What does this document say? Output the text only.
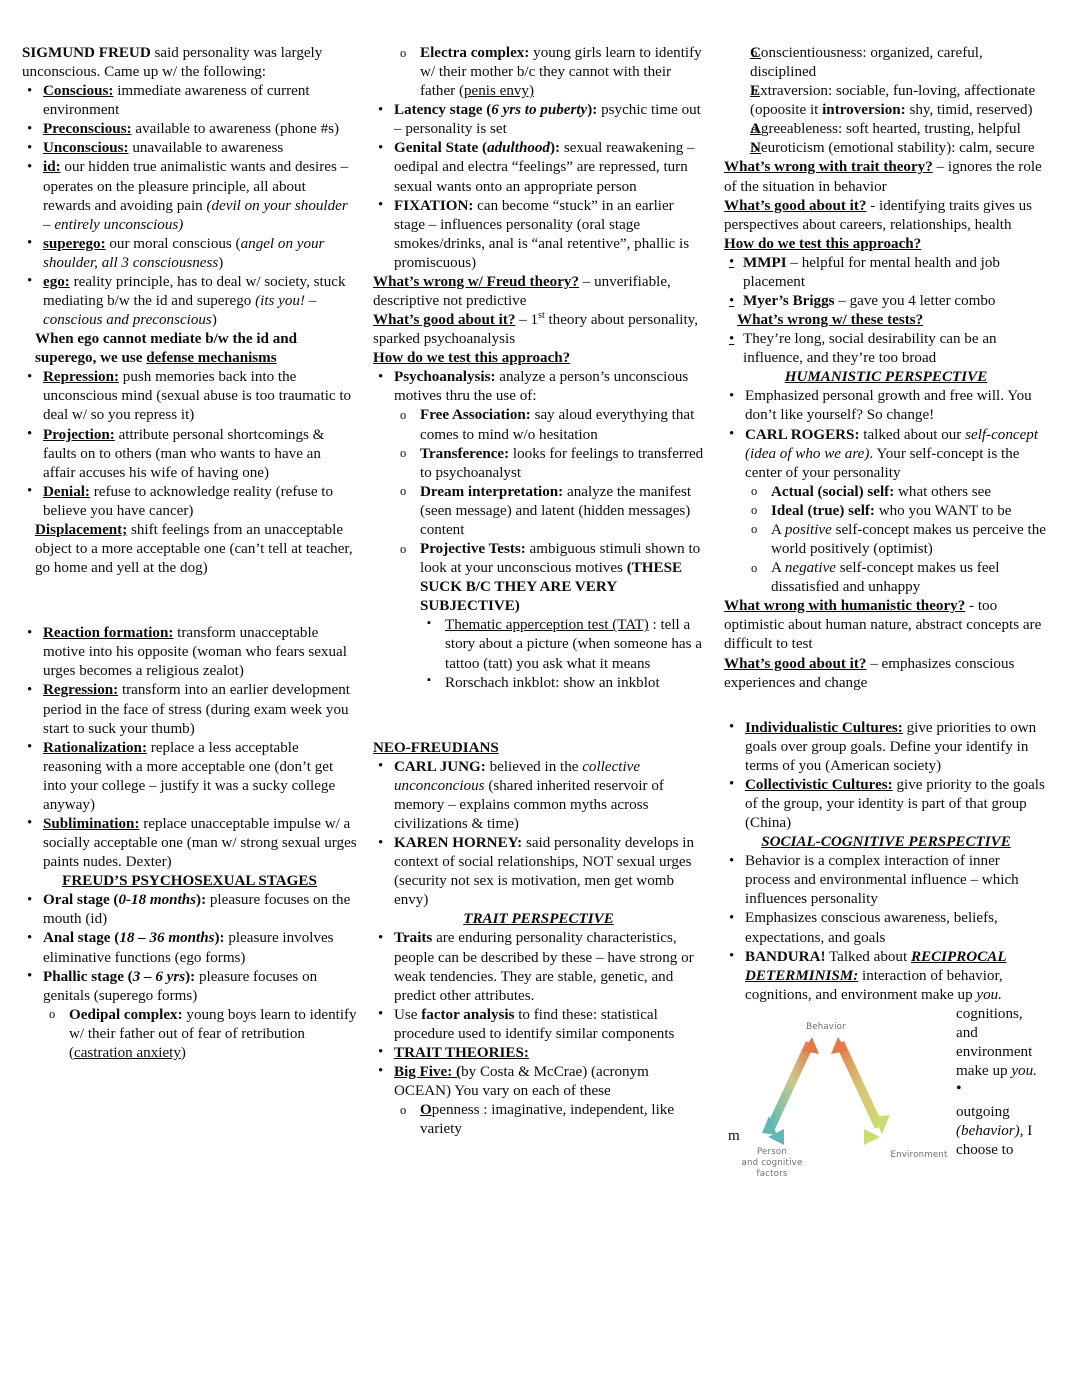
SIGMUND FREUD said personality was largely unconscious. Came up w/ the following:

• Conscious: immediate awareness of current environment
• Preconscious: available to awareness (phone #s)
• Unconscious: unavailable to awareness
• id: our hidden true animalistic wants and desires – operates on the pleasure principle, all about rewards and avoiding pain (devil on your shoulder – entirely unconscious)
• superego: our moral conscious (angel on your shoulder, all 3 consciousness)
• ego: reality principle, has to deal w/ society, stuck mediating b/w the id and superego (its you! – conscious and preconscious)

When ego cannot mediate b/w the id and superego, we use defense mechanisms

• Repression: push memories back into the unconscious mind (sexual abuse is too traumatic to deal w/ so you repress it)
• Projection: attribute personal shortcomings & faults on to others (man who wants to have an affair accuses his wife of having one)
• Denial: refuse to acknowledge reality (refuse to believe you have cancer)

Displacement; shift feelings from an unacceptable object to a more acceptable one (can’t tell at teacher, go home and yell at the dog)

• Reaction formation: transform unacceptable motive into his opposite (woman who fears sexual urges becomes a religious zealot)
• Regression: transform into an earlier development period in the face of stress (during exam week you start to suck your thumb)
• Rationalization: replace a less acceptable reasoning with a more acceptable one (don’t get into your college – justify it was a sucky college anyway)
• Sublimination: replace unacceptable impulse w/ a socially acceptable one (man w/ strong sexual urges paints nudes. Dexter)

FREUD’S PSYCHOSEXUAL STAGES

• Oral stage (0-18 months): pleasure focuses on the mouth (id)
• Anal stage (18 – 36 months): pleasure involves eliminative functions (ego forms)
• Phallic stage (3 – 6 yrs): pleasure focuses on genitals (superego forms)
o Oedipal complex: young boys learn to identify w/ their father out of fear of retribution (castration anxiety)
o Electra complex: young girls learn to identify w/ their mother b/c they cannot with their father (penis envy)
• Latency stage (6 yrs to puberty): psychic time out – personality is set
• Genital State (adulthood): sexual reawakening – oedipal and electra “feelings” are repressed, turn sexual wants onto an appropriate person
• FIXATION: can become “stuck” in an earlier stage – influences personality (oral stage smokes/drinks, anal is “anal retentive”, phallic is promiscuous)

What’s wrong w/ Freud theory? – unverifiable, descriptive not predictive

What’s good about it? – 1st theory about personality, sparked psychoanalysis

How do we test this approach?

• Psychoanalysis: analyze a person’s unconscious motives thru the use of:
o Free Association: say aloud everythying that comes to mind w/o hesitation
o Transference: looks for feelings to transferred to psychoanalyst
o Dream interpretation: analyze the manifest (seen message) and latent (hidden messages) content
o Projective Tests: ambiguous stimuli shown to look at your unconscious motives (THESE SUCK B/C THEY ARE VERY SUBJECTIVE)
▪ Thematic apperception test (TAT) : tell a story about a picture (when someone has a tattoo (tatt) you ask what it means
▪ Rorschach inkblot: show an inkblot

NEO-FREUDIANS

• CARL JUNG: believed in the collective unconconcious (shared inherited reservoir of memory – explains common myths across civilizations & time)
• KAREN HORNEY: said personality develops in context of social relationships, NOT sexual urges (security not sex is motivation, men get womb envy)

TRAIT PERSPECTIVE

• Traits are enduring personality characteristics, people can be described by these – have strong or weak tendencies. They are stable, genetic, and predict other attributes.
• Use factor analysis to find these: statistical procedure used to identify similar components
• TRAIT THEORIES:
• Big Five: (by Costa & McCrae) (acronym OCEAN) You vary on each of these
o Openness : imaginative, independent, like variety
o Conscientiousness: organized, careful, disciplined
o Extraversion: sociable, fun-loving, affectionate (opoosite it introversion: shy, timid, reserved)
o Agreeableness: soft hearted, trusting, helpful
o Neuroticism (emotional stability): calm, secure

What’s wrong with trait theory? – ignores the role of the situation in behavior

What’s good about it? - identifying traits gives us perspectives about careers, relationships, health

How do we test this approach?

• MMPI – helpful for mental health and job placement
• Myer’s Briggs – gave you 4 letter combo

What’s wrong w/ these tests?

• They’re long, social desirability can be an influence, and they’re too broad

HUMANISTIC PERSPECTIVE

• Emphasized personal growth and free will. You don’t like yourself? So change!
• CARL ROGERS: talked about our self-concept (idea of who we are). Your self-concept is the center of your personality
o Actual (social) self: what others see
o Ideal (true) self: who you WANT to be
o A positive self-concept makes us perceive the world positively (optimist)
o A negative self-concept makes us feel dissatisfied and unhappy

What wrong with humanistic theory? - too optimistic about human nature, abstract concepts are difficult to test

What’s good about it? – emphasizes conscious experiences and change

• Individualistic Cultures: give priorities to own goals over group goals. Define your identify in terms of you (American society)
• Collectivistic Cultures: give priority to the goals of the group, your identity is part of that group (China)

SOCIAL-COGNITIVE PERSPECTIVE

• Behavior is a complex interaction of inner process and environmental influence – which influences personality
• Emphasizes conscious awareness, beliefs, expectations, and goals
• BANDURA! Talked about RECIPROCAL DETERMINISM: interaction of behavior, cognitions, and environment make up you.
m
Behavior
Person
and cognitive
factors
Environment
cognitions,
and
environment
make up you.
•
outgoing
(behavior), I
choose to
